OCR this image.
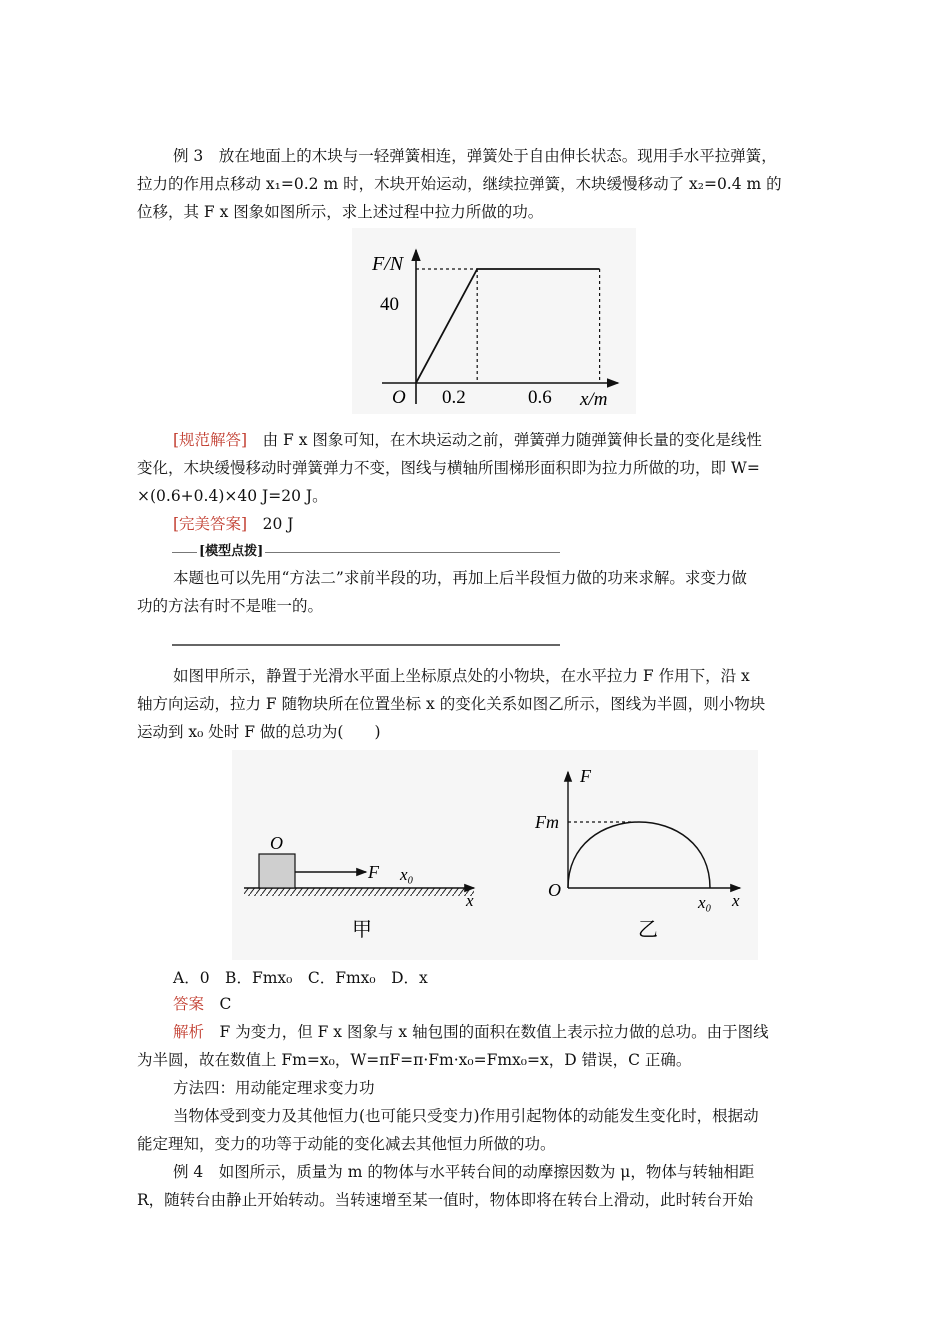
例 3　放在地面上的木块与一轻弹簧相连，弹簧处于自由伸长状态。现用手水平拉弹簧，
拉力的作用点移动 x₁=0.2 m 时，木块开始运动，继续拉弹簧，木块缓慢移动了 x₂=0.4 m 的
位移，其 F x 图象如图所示，求上述过程中拉力所做的功。
F/N
40
O 0.2	0.6 x/m
[规范解答]　由 F x 图象可知，在木块运动之前，弹簧弹力随弹簧伸长量的变化是线性
变化，木块缓慢移动时弹簧弹力不变，图线与横轴所围梯形面积即为拉力所做的功，即 W=
×(0.6+0.4)×40 J=20 J。
[完美答案]　20 J
[模型点拨]
本题也可以先用“方法二”求前半段的功，再加上后半段恒力做的功来求解。求变力做
功的方法有时不是唯一的。
如图甲所示，静置于光滑水平面上坐标原点处的小物块，在水平拉力 F 作用下，沿 x
轴方向运动，拉力 F 随物块所在位置坐标 x 的变化关系如图乙所示，图线为半圆，则小物块
运动到 x₀ 处时 F 做的总功为(　　)
O
F x₀
x
甲
F
Fm
O
x₀ x
乙
A．0　B．Fmx₀　C．Fmx₀　D．x
答案　C
解析　F 为变力，但 F x 图象与 x 轴包围的面积在数值上表示拉力做的总功。由于图线
为半圆，故在数值上 Fm=x₀，W=πF=π·Fm·x₀=Fmx₀=x，D 错误，C 正确。
方法四：用动能定理求变力功
当物体受到变力及其他恒力(也可能只受变力)作用引起物体的动能发生变化时，根据动
能定理知，变力的功等于动能的变化减去其他恒力所做的功。
例 4　如图所示，质量为 m 的物体与水平转台间的动摩擦因数为 μ，物体与转轴相距
R，随转台由静止开始转动。当转速增至某一值时，物体即将在转台上滑动，此时转台开始
